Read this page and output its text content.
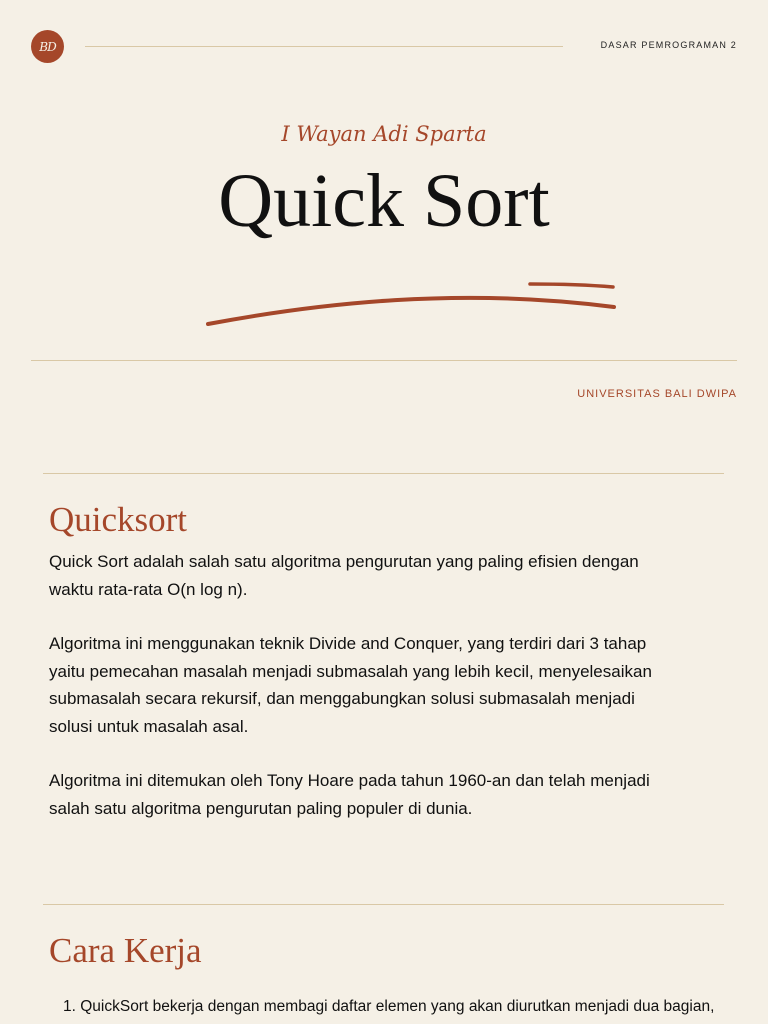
BD	DASAR PEMROGRAMAN 2
I Wayan Adi Sparta
Quick Sort
UNIVERSITAS BALI DWIPA
Quicksort

Quick Sort adalah salah satu algoritma pengurutan yang paling efisien dengan waktu rata-rata O(n log n).

Algoritma ini menggunakan teknik Divide and Conquer, yang terdiri dari 3 tahap yaitu pemecahan masalah menjadi submasalah yang lebih kecil, menyelesaikan submasalah secara rekursif, dan menggabungkan solusi submasalah menjadi solusi untuk masalah asal.

Algoritma ini ditemukan oleh Tony Hoare pada tahun 1960-an dan telah menjadi salah satu algoritma pengurutan paling populer di dunia.

Cara Kerja
1. QuickSort bekerja dengan membagi daftar elemen yang akan diurutkan menjadi dua bagian,
